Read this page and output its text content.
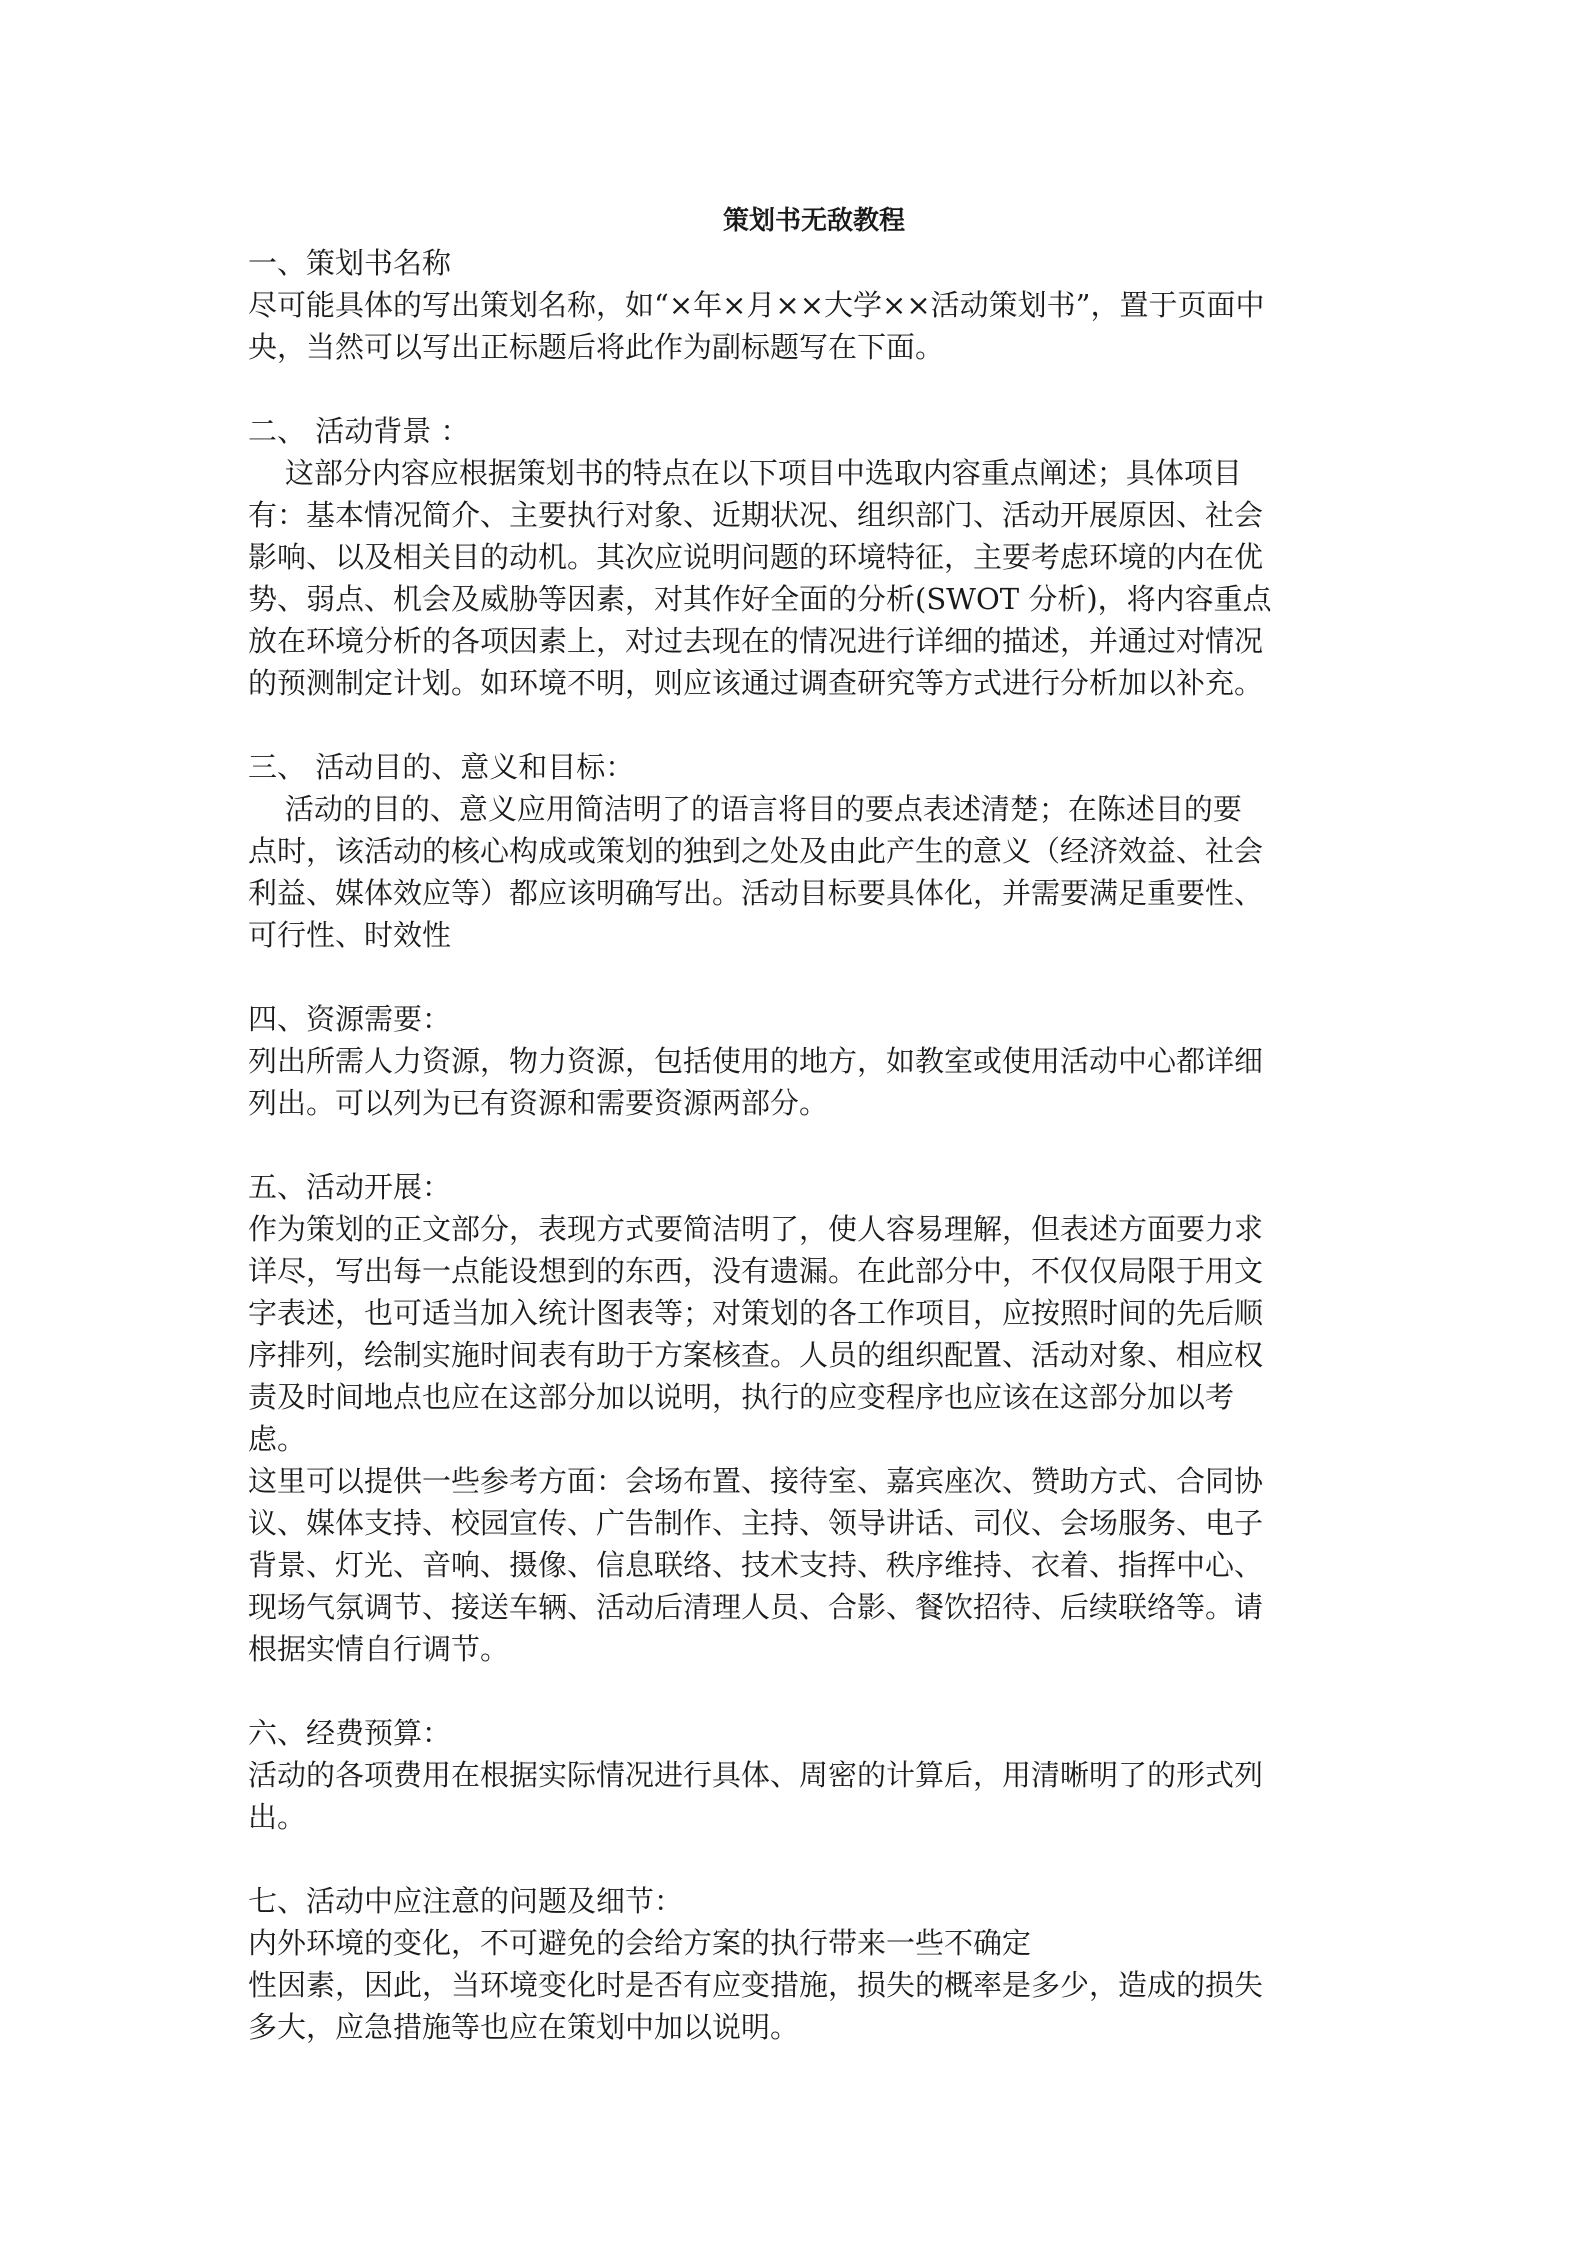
策划书无敌教程
一、策划书名称
尽可能具体的写出策划名称，如“×年×月××大学××活动策划书”，置于页面中
央，当然可以写出正标题后将此作为副标题写在下面。
二、 活动背景 ：
这部分内容应根据策划书的特点在以下项目中选取内容重点阐述；具体项目
有：基本情况简介、主要执行对象、近期状况、组织部门、活动开展原因、社会
影响、以及相关目的动机。其次应说明问题的环境特征，主要考虑环境的内在优
势、弱点、机会及威胁等因素，对其作好全面的分析(SWOT 分析)，将内容重点
放在环境分析的各项因素上，对过去现在的情况进行详细的描述，并通过对情况
的预测制定计划。如环境不明，则应该通过调查研究等方式进行分析加以补充。
三、 活动目的、意义和目标：
活动的目的、意义应用简洁明了的语言将目的要点表述清楚；在陈述目的要
点时，该活动的核心构成或策划的独到之处及由此产生的意义（经济效益、社会
利益、媒体效应等）都应该明确写出。活动目标要具体化，并需要满足重要性、
可行性、时效性
四、资源需要：
列出所需人力资源，物力资源，包括使用的地方，如教室或使用活动中心都详细
列出。可以列为已有资源和需要资源两部分。
五、活动开展：
作为策划的正文部分，表现方式要简洁明了，使人容易理解，但表述方面要力求
详尽，写出每一点能设想到的东西，没有遗漏。在此部分中，不仅仅局限于用文
字表述，也可适当加入统计图表等；对策划的各工作项目，应按照时间的先后顺
序排列，绘制实施时间表有助于方案核查。人员的组织配置、活动对象、相应权
责及时间地点也应在这部分加以说明，执行的应变程序也应该在这部分加以考
虑。
这里可以提供一些参考方面：会场布置、接待室、嘉宾座次、赞助方式、合同协
议、媒体支持、校园宣传、广告制作、主持、领导讲话、司仪、会场服务、电子
背景、灯光、音响、摄像、信息联络、技术支持、秩序维持、衣着、指挥中心、
现场气氛调节、接送车辆、活动后清理人员、合影、餐饮招待、后续联络等。请
根据实情自行调节。
六、经费预算：
活动的各项费用在根据实际情况进行具体、周密的计算后，用清晰明了的形式列
出。
七、活动中应注意的问题及细节：
内外环境的变化，不可避免的会给方案的执行带来一些不确定
性因素，因此，当环境变化时是否有应变措施，损失的概率是多少，造成的损失
多大，应急措施等也应在策划中加以说明。
